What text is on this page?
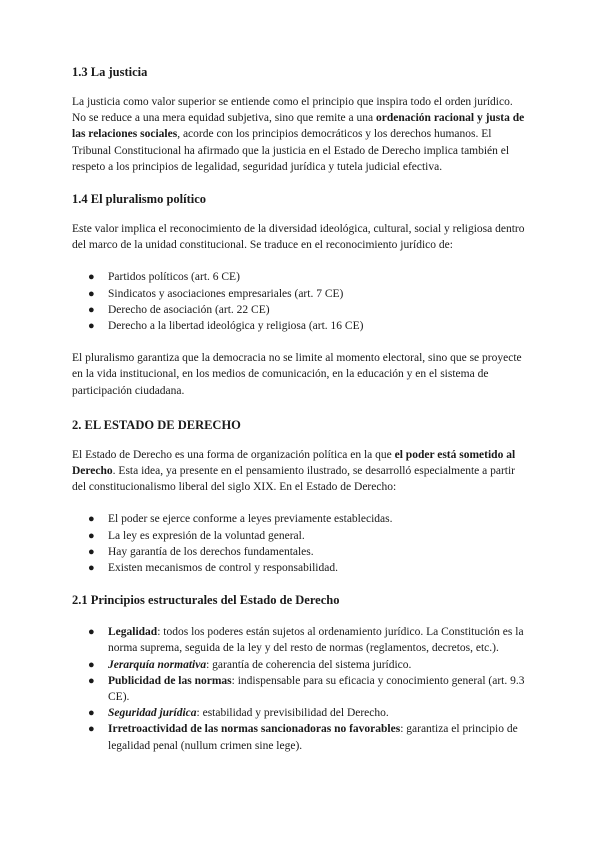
1.3 La justicia

La justicia como valor superior se entiende como el principio que inspira todo el orden jurídico. No se reduce a una mera equidad subjetiva, sino que remite a una ordenación racional y justa de las relaciones sociales, acorde con los principios democráticos y los derechos humanos. El Tribunal Constitucional ha afirmado que la justicia en el Estado de Derecho implica también el respeto a los principios de legalidad, seguridad jurídica y tutela judicial efectiva.

1.4 El pluralismo político

Este valor implica el reconocimiento de la diversidad ideológica, cultural, social y religiosa dentro del marco de la unidad constitucional. Se traduce en el reconocimiento jurídico de:

● Partidos políticos (art. 6 CE)
● Sindicatos y asociaciones empresariales (art. 7 CE)
● Derecho de asociación (art. 22 CE)
● Derecho a la libertad ideológica y religiosa (art. 16 CE)

El pluralismo garantiza que la democracia no se limite al momento electoral, sino que se proyecte en la vida institucional, en los medios de comunicación, en la educación y en el sistema de participación ciudadana.

2. EL ESTADO DE DERECHO

El Estado de Derecho es una forma de organización política en la que el poder está sometido al Derecho. Esta idea, ya presente en el pensamiento ilustrado, se desarrolló especialmente a partir del constitucionalismo liberal del siglo XIX. En el Estado de Derecho:

● El poder se ejerce conforme a leyes previamente establecidas.
● La ley es expresión de la voluntad general.
● Hay garantía de los derechos fundamentales.
● Existen mecanismos de control y responsabilidad.
2.1 Principios estructurales del Estado de Derecho
● Legalidad: todos los poderes están sujetos al ordenamiento jurídico. La Constitución es la norma suprema, seguida de la ley y del resto de normas (reglamentos, decretos, etc.).
● Jerarquía normativa: garantía de coherencia del sistema jurídico.
● Publicidad de las normas: indispensable para su eficacia y conocimiento general (art. 9.3 CE).
● Seguridad jurídica: estabilidad y previsibilidad del Derecho.
● Irretroactividad de las normas sancionadoras no favorables: garantiza el principio de legalidad penal (nullum crimen sine lege).
